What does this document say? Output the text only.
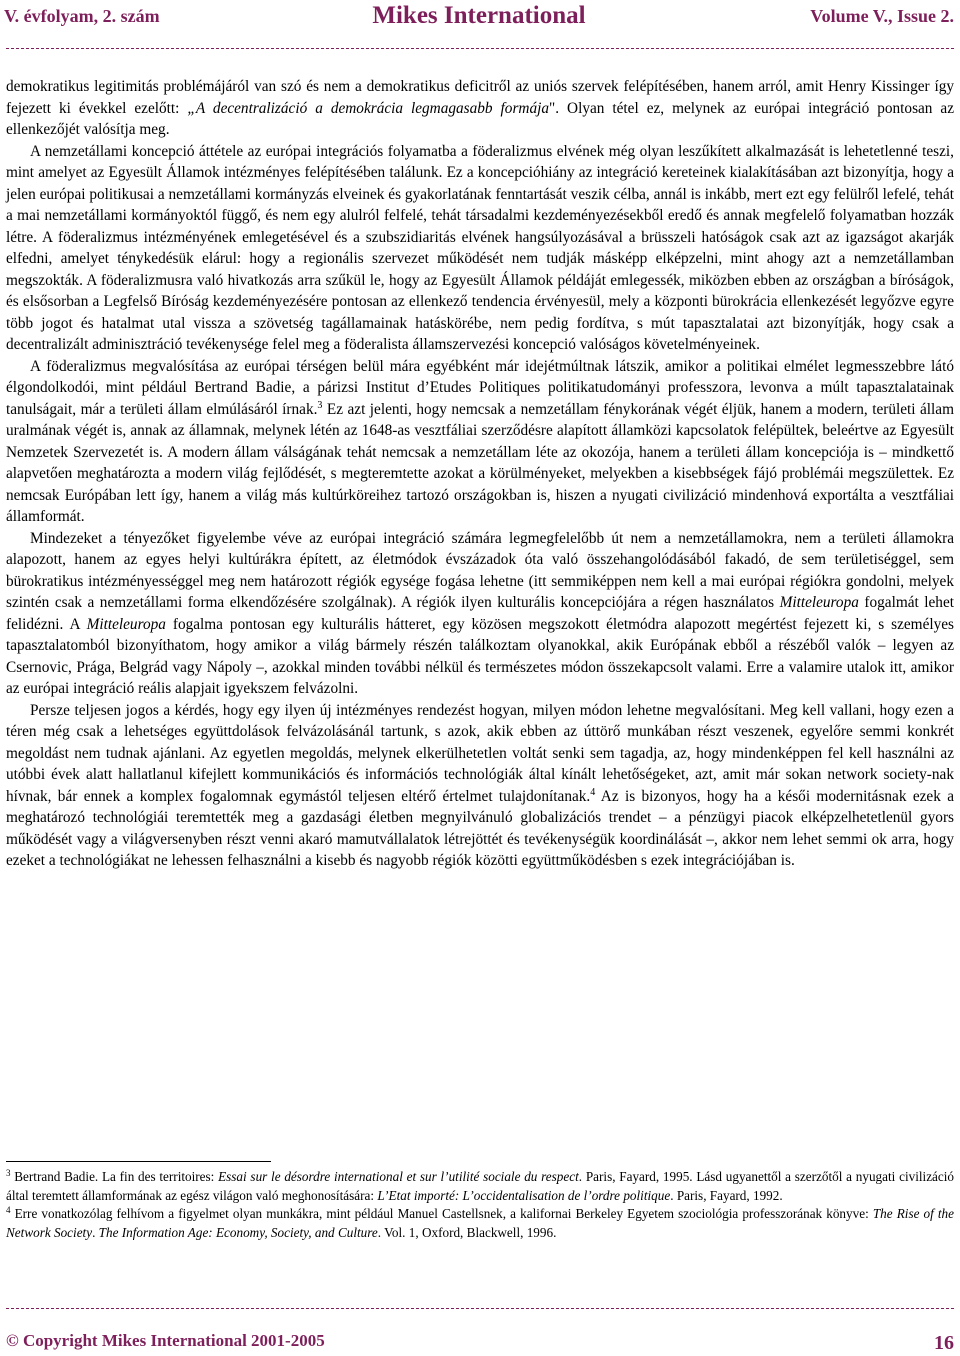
V. évfolyam, 2. szám	Mikes International	Volume V., Issue 2.

demokratikus legitimitás problémájáról van szó és nem a demokratikus deficitről az uniós szervek felépítésében, hanem arról, amit Henry Kissinger így fejezett ki évekkel ezelőtt: „A decentralizáció a demokrácia legmagasabb formája". Olyan tétel ez, melynek az európai integráció pontosan az ellenkezőjét valósítja meg.

A nemzetállami koncepció áttétele az európai integrációs folyamatba a föderalizmus elvének még olyan leszűkített alkalmazását is lehetetlenné teszi, mint amelyet az Egyesült Államok intézményes felépítésében találunk. Ez a koncepcióhiány az integráció kereteinek kialakításában azt bizonyítja, hogy a jelen európai politikusai a nemzetállami kormányzás elveinek és gyakorlatának fenntartását veszik célba, annál is inkább, mert ezt egy felülről lefelé, tehát a mai nemzetállami kormányoktól függő, és nem egy alulról felfelé, tehát társadalmi kezdeményezésekből eredő és annak megfelelő folyamatban hozzák létre. A föderalizmus intézményének emlegetésével és a szubszidiaritás elvének hangsúlyozásával a brüsszeli hatóságok csak azt az igazságot akarják elfedni, amelyet ténykedésük elárul: hogy a regionális szervezet működését nem tudják másképp elképzelni, mint ahogy azt a nemzetállamban megszokták. A föderalizmusra való hivatkozás arra szűkül le, hogy az Egyesült Államok példáját emlegessék, miközben ebben az országban a bíróságok, és elsősorban a Legfelső Bíróság kezdeményezésére pontosan az ellenkező tendencia érvényesül, mely a központi bürokrácia ellenkezését legyőzve egyre több jogot és hatalmat utal vissza a szövetség tagállamainak hatáskörébe, nem pedig fordítva, s mút tapasztalatai azt bizonyítják, hogy csak a decentralizált adminisztráció tevékenysége felel meg a föderalista államszervezési koncepció valóságos követelményeinek.

A föderalizmus megvalósítása az európai térségen belül mára egyébként már idejétmúltnak látszik, amikor a politikai elmélet legmesszebbre látó élgondolkodói, mint például Bertrand Badie, a párizsi Institut d’Etudes Politiques politikatudományi professzora, levonva a múlt tapasztalatainak tanulságait, már a területi állam elmúlásáról írnak.$^3$ Ez azt jelenti, hogy nemcsak a nemzetállam fénykorának végét éljük, hanem a modern, területi állam uralmának végét is, annak az államnak, melynek létén az 1648-as vesztfáliai szerződésre alapított államközi kapcsolatok felépültek, beleértve az Egyesült Nemzetek Szervezetét is. A modern állam válságának tehát nemcsak a nemzetállam léte az okozója, hanem a területi állam koncepciója is – mindkettő alapvetően meghatározta a modern világ fejlődését, s megteremtette azokat a körülményeket, melyekben a kisebbségek fájó problémái megszülettek. Ez nemcsak Európában lett így, hanem a világ más kultúrköreihez tartozó országokban is, hiszen a nyugati civilizáció mindenhová exportálta a vesztfáliai államformát.

Mindezeket a tényezőket figyelembe véve az európai integráció számára legmegfelelőbb út nem a nemzetállamokra, nem a területi államokra alapozott, hanem az egyes helyi kultúrákra épített, az életmódok évszázadok óta való összehangolódásából fakadó, de sem területiséggel, sem bürokratikus intézményességgel meg nem határozott régiók egysége fogása lehetne (itt semmiképpen nem kell a mai európai régiókra gondolni, melyek szintén csak a nemzetállami forma elkendőzésére szolgálnak). A régiók ilyen kulturális koncepciójára a régen használatos Mitteleuropa fogalmát lehet felidézni. A Mitteleuropa fogalma pontosan egy kulturális hátteret, egy közösen megszokott életmódra alapozott megértést fejezett ki, s személyes tapasztalatomból bizonyíthatom, hogy amikor a világ bármely részén találkoztam olyanokkal, akik Európának ebből a részéből valók – legyen az Csernovic, Prága, Belgrád vagy Nápoly –, azokkal minden további nélkül és természetes módon összekapcsolt valami. Erre a valamire utalok itt, amikor az európai integráció reális alapjait igyekszem felvázolni.

Persze teljesen jogos a kérdés, hogy egy ilyen új intézményes rendezést hogyan, milyen módon lehetne megvalósítani. Meg kell vallani, hogy ezen a téren még csak a lehetséges együttdolások felvázolásánál tartunk, s azok, akik ebben az úttörő munkában részt veszenek, egyelőre semmi konkrét megoldást nem tudnak ajánlani. Az egyetlen megoldás, melynek elkerülhetetlen voltát senki sem tagadja, az, hogy mindenképpen fel kell használni az utóbbi évek alatt hallatlanul kifejlett kommunikációs és információs technológiák által kínált lehetőségeket, azt, amit már sokan network society-nak hívnak, bár ennek a komplex fogalomnak egymástól teljesen eltérő értelmet tulajdonítanak.$^4$ Az is bizonyos, hogy ha a késői modernitásnak ezek a meghatározó technológiái teremtették meg a gazdasági életben megnyilvánuló globalizációs trendet – a pénzügyi piacok elképzelhetetlenül gyors működését vagy a világversenyben részt venni akaró mamutvállalatok létrejöttét és tevékenységük koordinálását –, akkor nem lehet semmi ok arra, hogy ezeket a technológiákat ne lehessen felhasználni a kisebb és nagyobb régiók közötti együttműködésben s ezek integrációjában is.

$^3$ Bertrand Badie. La fin des territoires: Essai sur le désordre international et sur l’utilité sociale du respect. Paris, Fayard, 1995. Lásd ugyanettől a szerzőtől a nyugati civilizáció által teremtett államformának az egész világon való meghonosítására: L’Etat importé: L’occidentalisation de l’ordre politique. Paris, Fayard, 1992.

$^4$ Erre vonatkozólag felhívom a figyelmet olyan munkákra, mint például Manuel Castellsnek, a kalifornai Berkeley Egyetem szociológia professzorának könyve: The Rise of the Network Society. The Information Age: Economy, Society, and Culture. Vol. 1, Oxford, Blackwell, 1996.

© Copyright Mikes International 2001-2005	16
